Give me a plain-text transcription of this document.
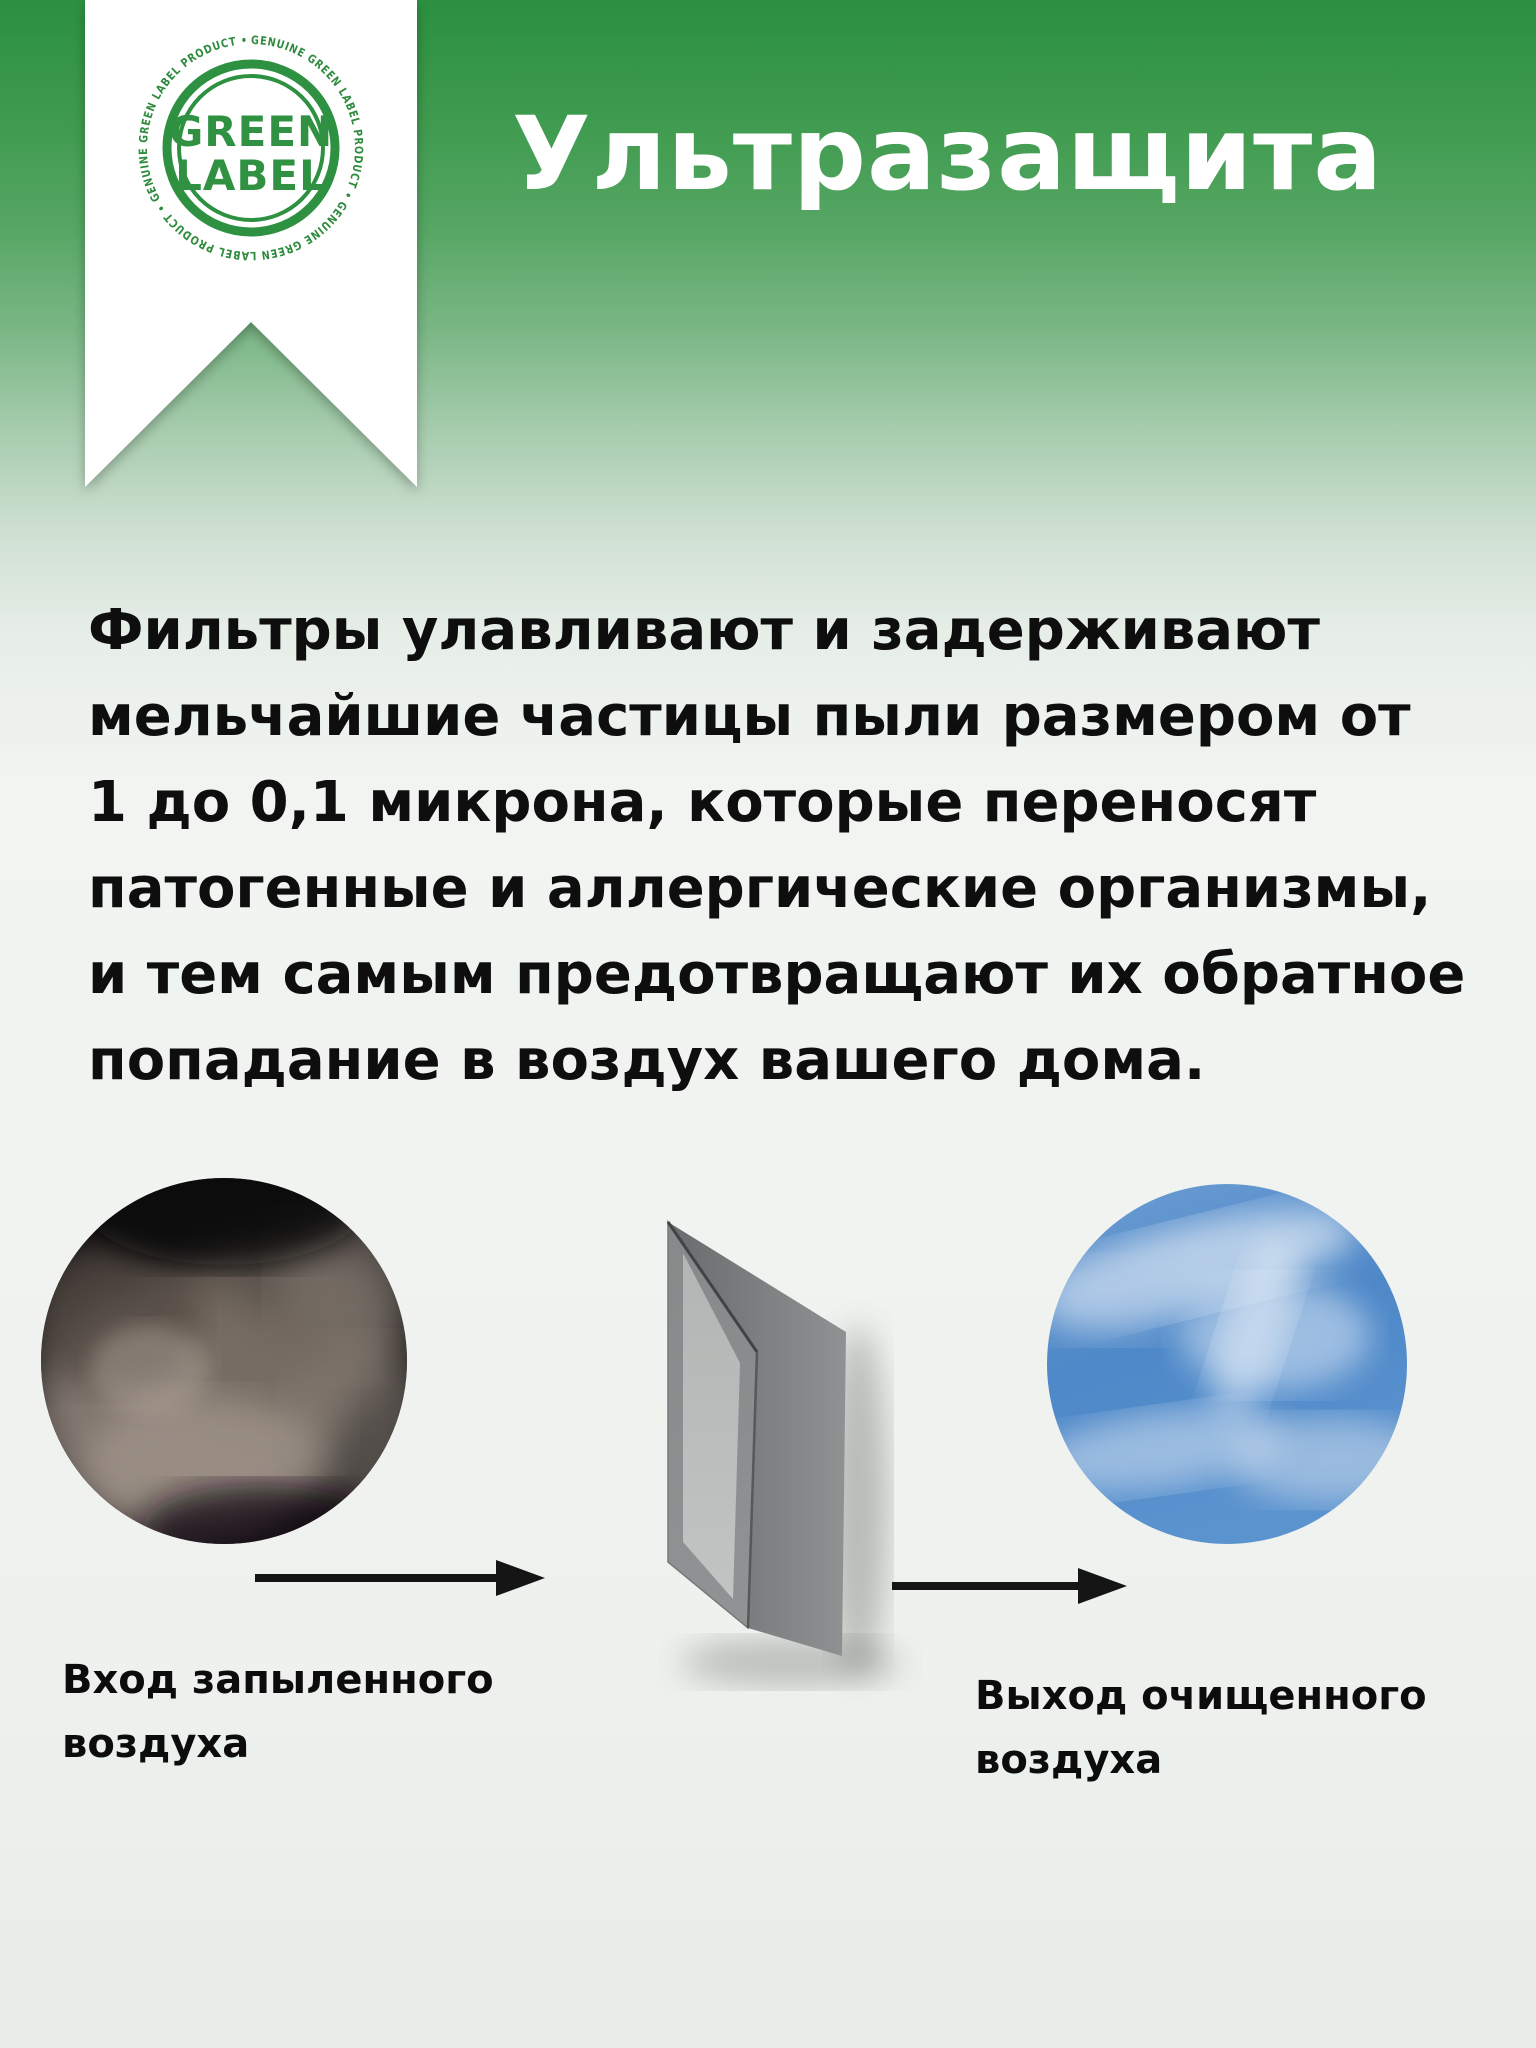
GENUINE GREEN LABEL PRODUCT • GENUINE GREEN LABEL PRODUCT • GENUINE GREEN LABEL PRODUCT •
GREEN
LABEL Ультразащита
Фильтры улавливают и задерживают
мельчайшие частицы пыли размером от
1 до 0,1 микрона, которые переносят
патогенные и аллергические организмы,
и тем самым предотвращают их обратное
попадание в воздух вашего дома.
Вход запыленного
воздуха
Выход очищенного
воздуха
